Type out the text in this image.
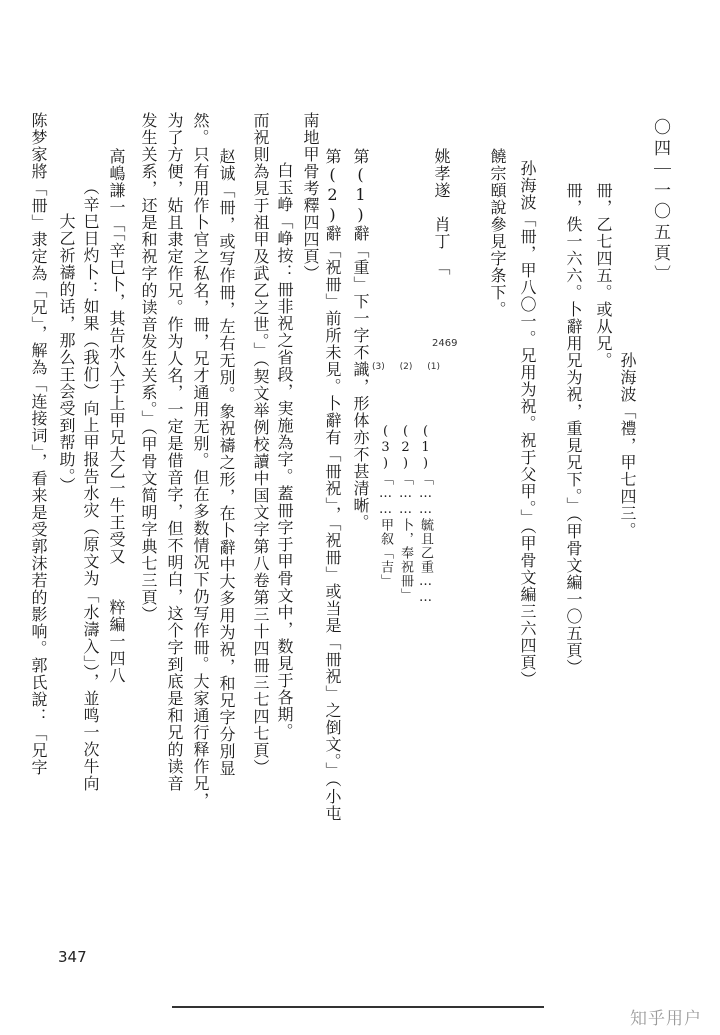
〇四｜一〇五頁〕
孙海波「禮，甲七四三。
　　冊，乙七四五。或从兄。
　　冊，佚一六六。卜辭用兄为祝，重見兄下。」（甲骨文編一〇五頁）
孙海波「冊，甲八〇一。兄用为祝。祝于父甲。」（甲骨文編三六四頁）
饒宗頤說參見字条下。
姚孝遂　肖丁　「
　　　　(1)「……毓且乙重……
　　　　(2)「……卜，奉祝冊」
　　　　(3)「……甲叙「吉」
第(1)辭「重」下一字不識，形体亦不甚清晰。
第(2)辭「祝冊」前所未見。卜辭有「冊祝」，「祝冊」或当是「冊祝」之倒文。」（小屯
南地甲骨考釋四四頁）
白玉峥「峥按：冊非祝之省段，実施為字。蓋冊字于甲骨文中，数見于各期。
而祝則為見于祖甲及武乙之世。」（契文举例校讀中国文字第八卷第三十四冊三七四七頁）
赵诚「冊，或写作冊，左右无別。象祝禱之形，在卜辭中大多用为祝，和兄字分別显
然。只有用作卜官之私名，冊，兄才通用无别。但在多数情况下仍写作冊。大家通行释作兄，
为了方便，姑且隶定作兄。作为人名，一定是借音字，但不明白，这个字到底是和兄的读音
发生关系，还是和祝字的读音发生关系。」（甲骨文简明字典七三頁）
高嶋謙一「「辛巳卜，其告水入于上甲兄大乙一牛王受又　　粹編一四八
　（辛巳日灼卜：如果（我们）向上甲报告水灾（原文为「水濤入」），並鸣一次牛向
　大乙祈禱的话，那么王会受到帮助。）
陈梦家將「冊」隶定為「兄」，解為「连接词」，看来是受郭沫若的影响。郭氏說：「兄字	2469
(3) (2) (1)
347
知乎用户
